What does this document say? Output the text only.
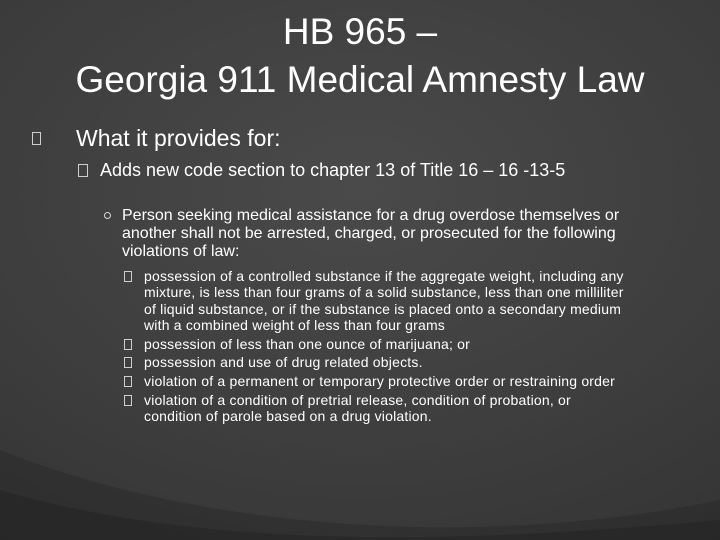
HB 965 –
Georgia 911 Medical Amnesty Law
What it provides for:
Adds new code section to chapter 13 of Title 16 – 16 -13-5
Person seeking medical assistance for a drug overdose themselves or another shall not be arrested, charged, or prosecuted for the following violations of law:
possession of a controlled substance if the aggregate weight, including any mixture, is less than four grams of a solid substance, less than one milliliter of liquid substance, or if the substance is placed onto a secondary medium with a combined weight of less than four grams
possession of less than one ounce of marijuana; or
possession and use of drug related objects.
violation of a permanent or temporary protective order or restraining order
violation of a condition of pretrial release, condition of probation, or condition of parole based on a drug violation.
